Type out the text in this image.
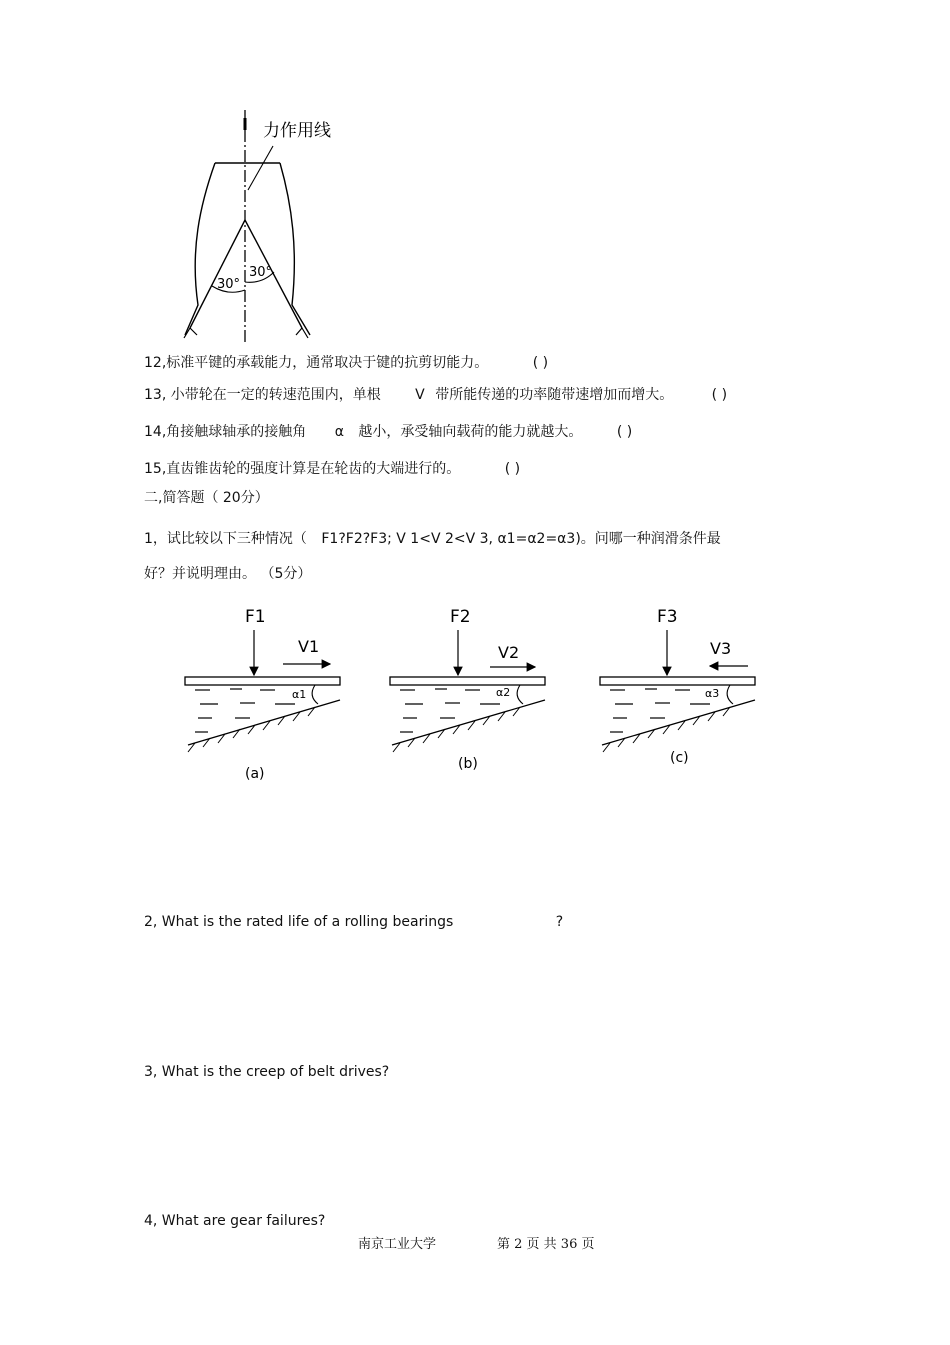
力作用线
30°
30°
12,标准平键的承载能力，通常取决于键的抗剪切能力。	( )
13, 小带轮在一定的转速范围内，单根 V 带所能传递的功率随带速增加而增大。	( )
14,角接触球轴承的接触角 α 越小，承受轴向载荷的能力就越大。 ( )
15,直齿锥齿轮的强度计算是在轮齿的大端进行的。	( )
二,简答题（ 20分）
1，试比较以下三种情况（ F1?F2?F3; V 1<V 2<V 3, α1=α2=α3)。问哪一种润滑条件最
好？并说明理由。 （5分）
F1
V1
α1
(a)
F2
V2
α2
(b)
F3
V3
α3
(c)
2, What is the rated life of a rolling bearings	?
3, What is the creep of belt drives?
4, What are gear failures?
南京工业大学	第 2 页 共 36 页
